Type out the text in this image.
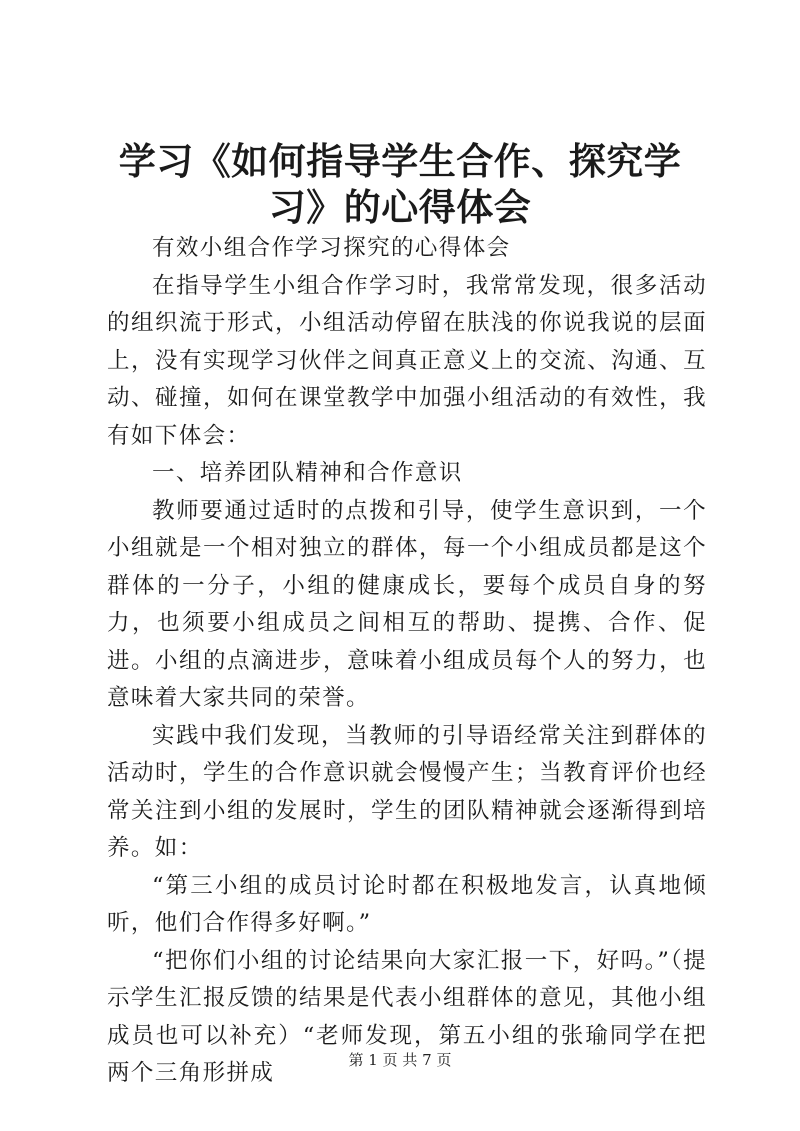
学习《如何指导学生合作、探究学习》的心得体会

有效小组合作学习探究的心得体会

在指导学生小组合作学习时，我常常发现，很多活动的组织流于形式，小组活动停留在肤浅的你说我说的层面上，没有实现学习伙伴之间真正意义上的交流、沟通、互动、碰撞，如何在课堂教学中加强小组活动的有效性，我有如下体会：

一、培养团队精神和合作意识

教师要通过适时的点拨和引导，使学生意识到，一个小组就是一个相对独立的群体，每一个小组成员都是这个群体的一分子，小组的健康成长，要每个成员自身的努力，也须要小组成员之间相互的帮助、提携、合作、促进。小组的点滴进步，意味着小组成员每个人的努力，也意味着大家共同的荣誉。

实践中我们发现，当教师的引导语经常关注到群体的活动时，学生的合作意识就会慢慢产生；当教育评价也经常关注到小组的发展时，学生的团队精神就会逐渐得到培养。如：

“第三小组的成员讨论时都在积极地发言，认真地倾听，他们合作得多好啊。”

“把你们小组的讨论结果向大家汇报一下，好吗。”（提示学生汇报反馈的结果是代表小组群体的意见，其他小组成员也可以补充）“老师发现，第五小组的张瑜同学在把两个三角形拼成	第 1 页 共 7 页
